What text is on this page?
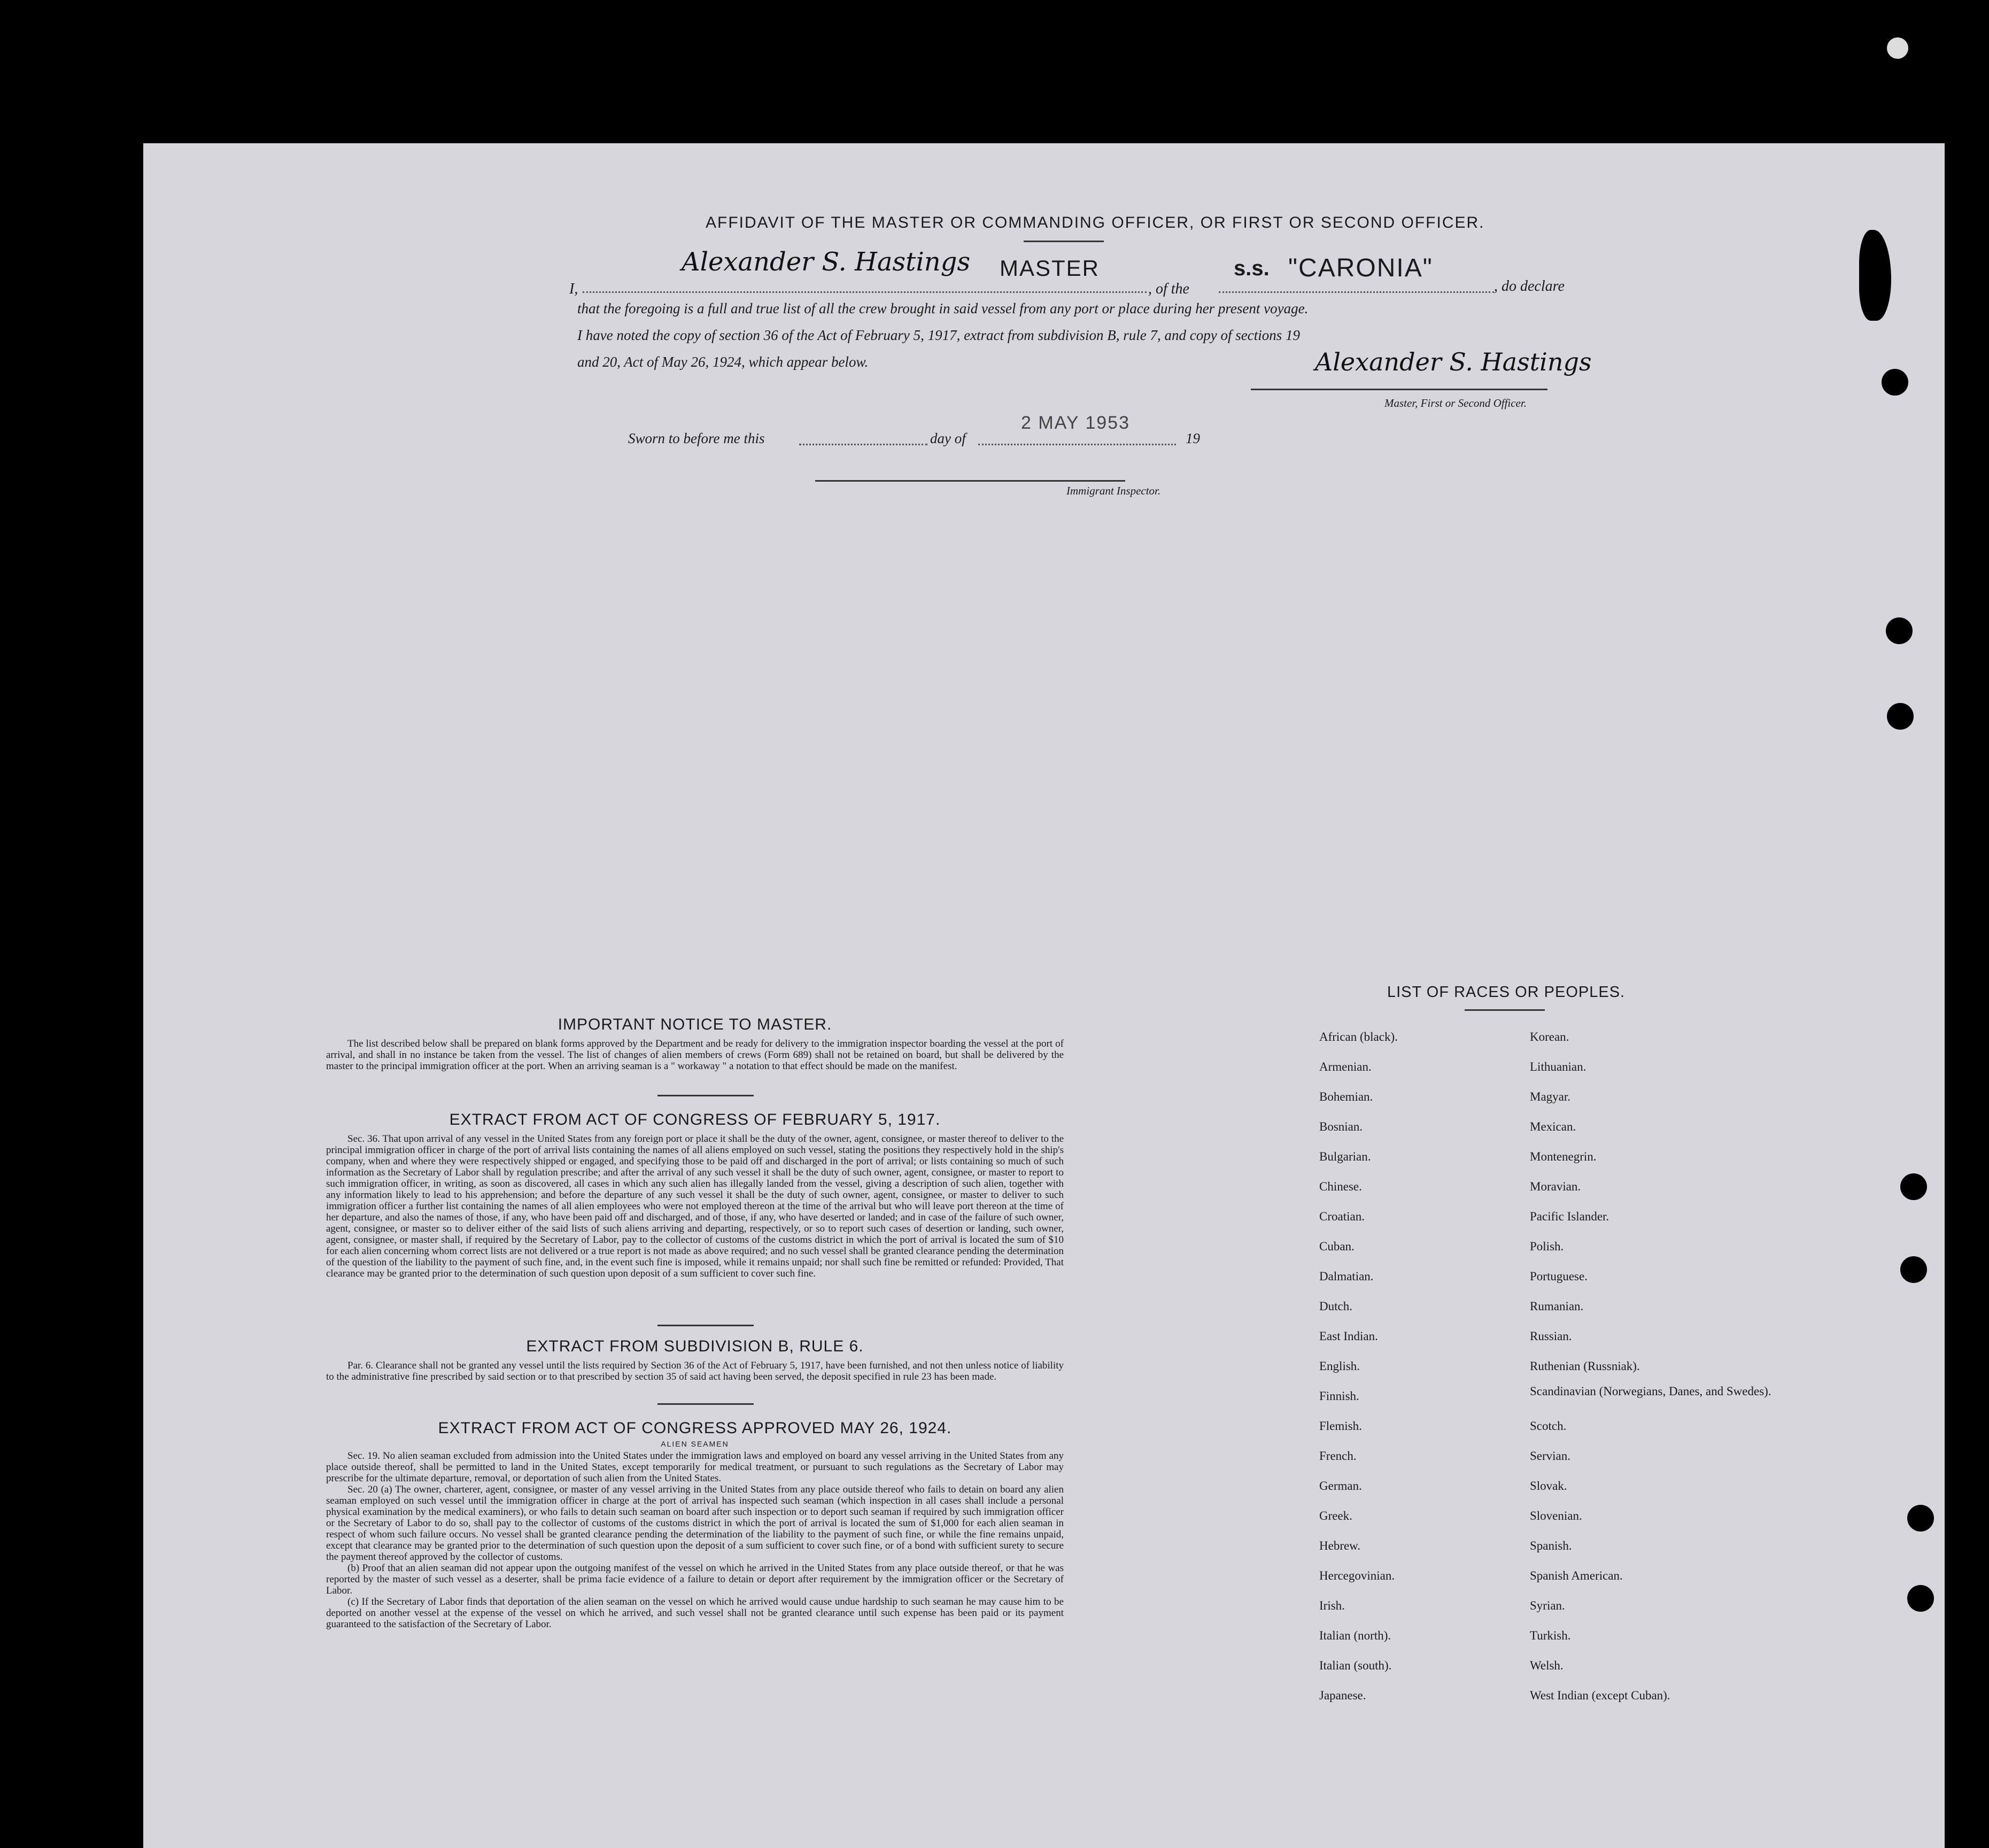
AFFIDAVIT OF THE MASTER OR COMMANDING OFFICER, OR FIRST OR SECOND OFFICER.
I,
Alexander S. Hastings MASTER
, of the
s.s. "CARONIA"
, do declare
that the foregoing is a full and true list of all the crew brought in said vessel from any port or place during her present voyage.
I have noted the copy of section 36 of the Act of February 5, 1917, extract from subdivision B, rule 7, and copy of sections 19
and 20, Act of May 26, 1924, which appear below.	Alexander S. Hastings
Master, First or Second Officer.
Sworn to before me this	day of
2 MAY 1953
19
Immigrant Inspector.
IMPORTANT NOTICE TO MASTER.

The list described below shall be prepared on blank forms approved by the Department and be ready for delivery to the immigration inspector boarding the vessel at the port of arrival, and shall in no instance be taken from the vessel. The list of changes of alien members of crews (Form 689) shall not be retained on board, but shall be delivered by the master to the principal immigration officer at the port. When an arriving seaman is a " workaway " a notation to that effect should be made on the manifest.

EXTRACT FROM ACT OF CONGRESS OF FEBRUARY 5, 1917.

Sec. 36. That upon arrival of any vessel in the United States from any foreign port or place it shall be the duty of the owner, agent, consignee, or master thereof to deliver to the principal immigration officer in charge of the port of arrival lists containing the names of all aliens employed on such vessel, stating the positions they respectively hold in the ship's company, when and where they were respectively shipped or engaged, and specifying those to be paid off and discharged in the port of arrival; or lists containing so much of such information as the Secretary of Labor shall by regulation prescribe; and after the arrival of any such vessel it shall be the duty of such owner, agent, consignee, or master to report to such immigration officer, in writing, as soon as discovered, all cases in which any such alien has illegally landed from the vessel, giving a description of such alien, together with any information likely to lead to his apprehension; and before the departure of any such vessel it shall be the duty of such owner, agent, consignee, or master to deliver to such immigration officer a further list containing the names of all alien employees who were not employed thereon at the time of the arrival but who will leave port thereon at the time of her departure, and also the names of those, if any, who have been paid off and discharged, and of those, if any, who have deserted or landed; and in case of the failure of such owner, agent, consignee, or master so to deliver either of the said lists of such aliens arriving and departing, respectively, or so to report such cases of desertion or landing, such owner, agent, consignee, or master shall, if required by the Secretary of Labor, pay to the collector of customs of the customs district in which the port of arrival is located the sum of $10 for each alien concerning whom correct lists are not delivered or a true report is not made as above required; and no such vessel shall be granted clearance pending the determination of the question of the liability to the payment of such fine, and, in the event such fine is imposed, while it remains unpaid; nor shall such fine be remitted or refunded: Provided, That clearance may be granted prior to the determination of such question upon deposit of a sum sufficient to cover such fine.

EXTRACT FROM SUBDIVISION B, RULE 6.

Par. 6. Clearance shall not be granted any vessel until the lists required by Section 36 of the Act of February 5, 1917, have been furnished, and not then unless notice of liability to the administrative fine prescribed by said section or to that prescribed by section 35 of said act having been served, the deposit specified in rule 23 has been made.

EXTRACT FROM ACT OF CONGRESS APPROVED MAY 26, 1924.
ALIEN SEAMEN

Sec. 19. No alien seaman excluded from admission into the United States under the immigration laws and employed on board any vessel arriving in the United States from any place outside thereof, shall be permitted to land in the United States, except temporarily for medical treatment, or pursuant to such regulations as the Secretary of Labor may prescribe for the ultimate departure, removal, or deportation of such alien from the United States.

Sec. 20 (a) The owner, charterer, agent, consignee, or master of any vessel arriving in the United States from any place outside thereof who fails to detain on board any alien seaman employed on such vessel until the immigration officer in charge at the port of arrival has inspected such seaman (which inspection in all cases shall include a personal physical examination by the medical examiners), or who fails to detain such seaman on board after such inspection or to deport such seaman if required by such immigration officer or the Secretary of Labor to do so, shall pay to the collector of customs of the customs district in which the port of arrival is located the sum of $1,000 for each alien seaman in respect of whom such failure occurs. No vessel shall be granted clearance pending the determination of the liability to the payment of such fine, or while the fine remains unpaid, except that clearance may be granted prior to the determination of such question upon the deposit of a sum sufficient to cover such fine, or of a bond with sufficient surety to secure the payment thereof approved by the collector of customs.

(b) Proof that an alien seaman did not appear upon the outgoing manifest of the vessel on which he arrived in the United States from any place outside thereof, or that he was reported by the master of such vessel as a deserter, shall be prima facie evidence of a failure to detain or deport after requirement by the immigration officer or the Secretary of Labor.

(c) If the Secretary of Labor finds that deportation of the alien seaman on the vessel on which he arrived would cause undue hardship to such seaman he may cause him to be deported on another vessel at the expense of the vessel on which he arrived, and such vessel shall not be granted clearance until such expense has been paid or its payment guaranteed to the satisfaction of the Secretary of Labor.

LIST OF RACES OR PEOPLES.
African (black).
Armenian.
Bohemian.
Bosnian.
Bulgarian.
Chinese.
Croatian.
Cuban.
Dalmatian.
Dutch.
East Indian.
English.
Finnish.
Flemish.
French.
German.
Greek.
Hebrew.
Hercegovinian.
Irish.
Italian (north).
Italian (south).
Japanese.
Korean.
Lithuanian.
Magyar.
Mexican.
Montenegrin.
Moravian.
Pacific Islander.
Polish.
Portuguese.
Rumanian.
Russian.
Ruthenian (Russniak).
Scandinavian (Norwegians, Danes, and Swedes).
Scotch.
Servian.
Slovak.
Slovenian.
Spanish.
Spanish American.
Syrian.
Turkish.
Welsh.
West Indian (except Cuban).
